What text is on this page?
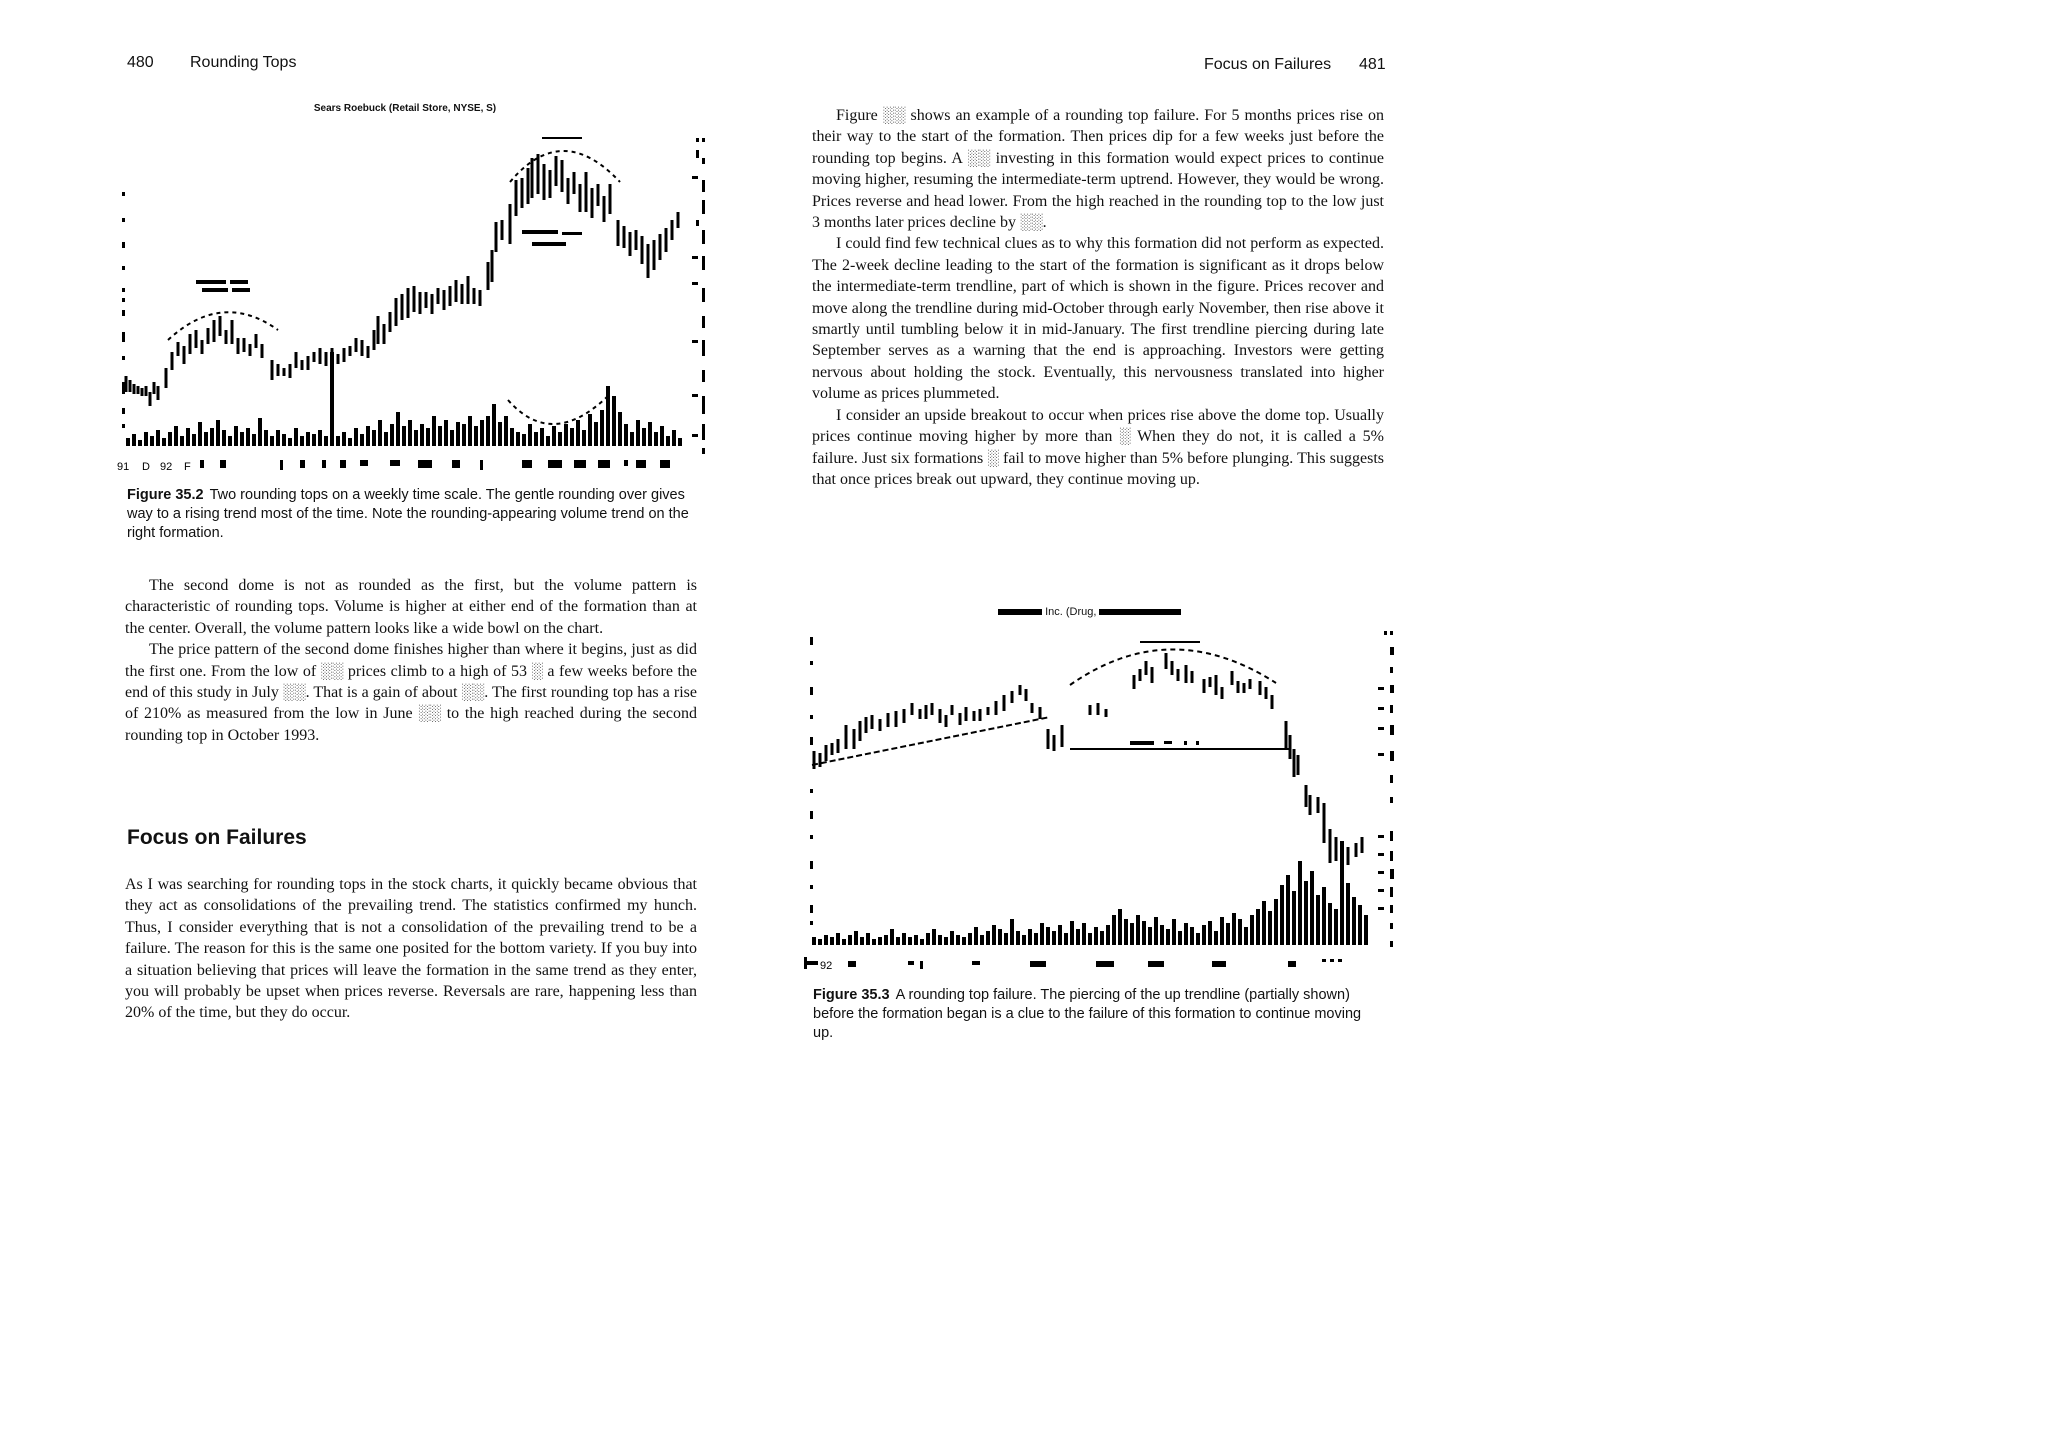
480 Rounding Tops
Sears Roebuck (Retail Store, NYSE, S)
91 D 92 F
Figure 35.2 Two rounding tops on a weekly time scale. The gentle rounding over gives way to a rising trend most of the time. Note the rounding-appearing volume trend on the right formation.

The second dome is not as rounded as the first, but the volume pattern is characteristic of rounding tops. Volume is higher at either end of the formation than at the center. Overall, the volume pattern looks like a wide bowl on the chart.

The price pattern of the second dome finishes higher than where it begins, just as did the first one. From the low of ░░ prices climb to a high of 53 ░ a few weeks before the end of this study in July ░░. That is a gain of about ░░. The first rounding top has a rise of 210% as measured from the low in June ░░ to the high reached during the second rounding top in October 1993.

Focus on Failures

As I was searching for rounding tops in the stock charts, it quickly became obvious that they act as consolidations of the prevailing trend. The statistics confirmed my hunch. Thus, I consider everything that is not a consolidation of the prevailing trend to be a failure. The reason for this is the same one posited for the bottom variety. If you buy into a situation believing that prices will leave the formation in the same trend as they enter, you will probably be upset when prices reverse. Reversals are rare, happening less than 20% of the time, but they do occur.

Focus on Failures 481

Figure ░░ shows an example of a rounding top failure. For 5 months prices rise on their way to the start of the formation. Then prices dip for a few weeks just before the rounding top begins. A ░░ investing in this formation would expect prices to continue moving higher, resuming the intermediate-term uptrend. However, they would be wrong. Prices reverse and head lower. From the high reached in the rounding top to the low just 3 months later prices decline by ░░.

I could find few technical clues as to why this formation did not perform as expected. The 2-week decline leading to the start of the formation is significant as it drops below the intermediate-term trendline, part of which is shown in the figure. Prices recover and move along the trendline during mid-October through early November, then rise above it smartly until tumbling below it in mid-January. The first trendline piercing during late September serves as a warning that the end is approaching. Investors were getting nervous about holding the stock. Eventually, this nervousness translated into higher volume as prices plummeted.

I consider an upside breakout to occur when prices rise above the dome top. Usually prices continue moving higher by more than ░ When they do not, it is called a 5% failure. Just six formations ░ fail to move higher than 5% before plunging. This suggests that once prices break out upward, they continue moving up.

Inc. (Drug,
92
Figure 35.3 A rounding top failure. The piercing of the up trendline (partially shown) before the formation began is a clue to the failure of this formation to continue moving up.
